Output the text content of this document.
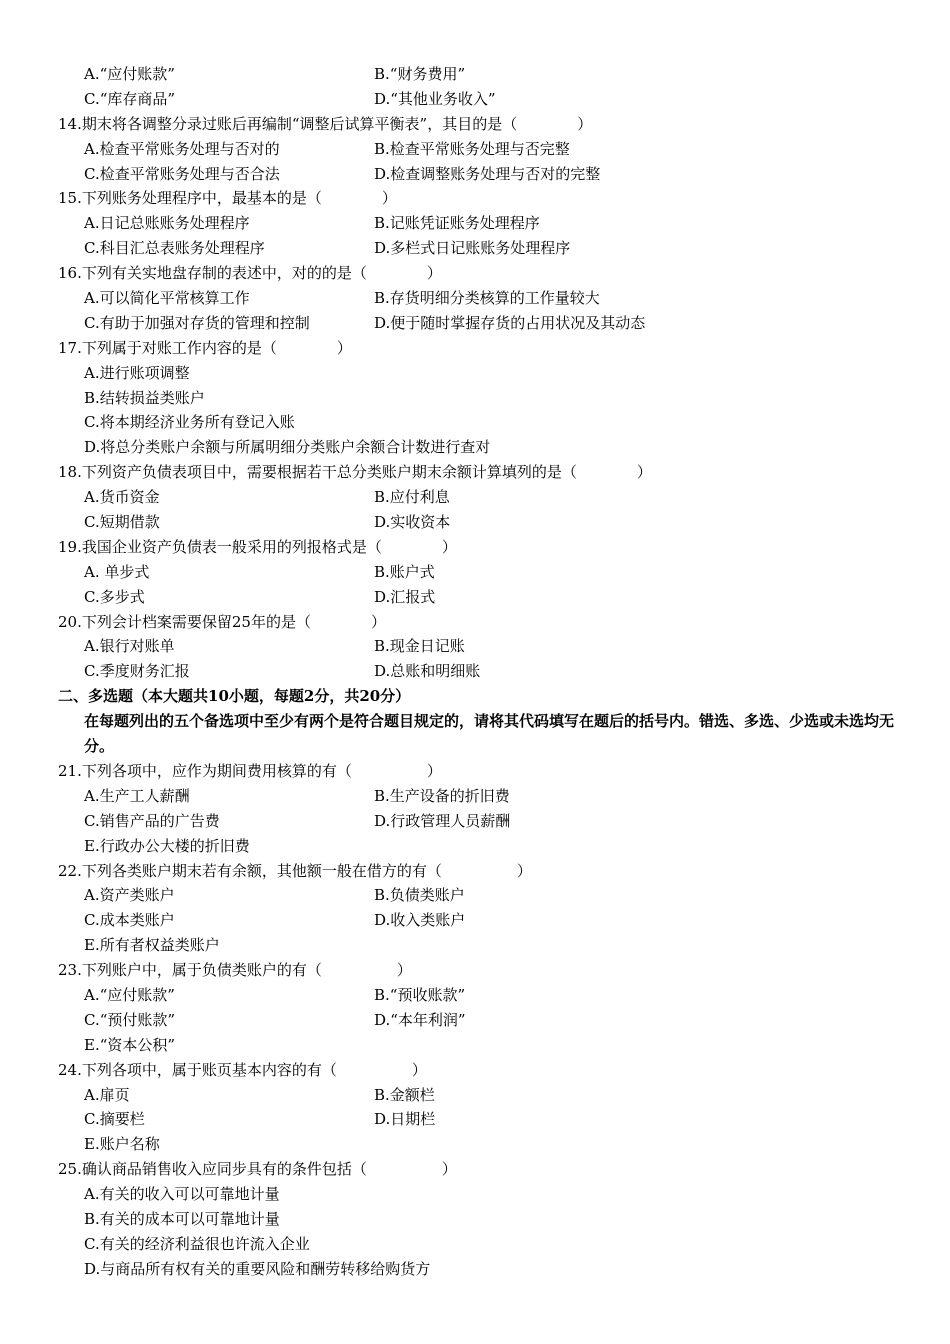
A.“应付账款”	B.“财务费用”
C.“库存商品”	D.“其他业务收入”
14.期末将各调整分录过账后再编制“调整后试算平衡表”，其目的是（　　　　）
A.检查平常账务处理与否对的	B.检查平常账务处理与否完整
C.检查平常账务处理与否合法	D.检查调整账务处理与否对的完整
15.下列账务处理程序中，最基本的是（　　　　）
A.日记总账账务处理程序	B.记账凭证账务处理程序
C.科目汇总表账务处理程序	D.多栏式日记账账务处理程序
16.下列有关实地盘存制的表述中，对的的是（　　　　）
A.可以简化平常核算工作	B.存货明细分类核算的工作量较大
C.有助于加强对存货的管理和控制	D.便于随时掌握存货的占用状况及其动态
17.下列属于对账工作内容的是（　　　　）
A.进行账项调整
B.结转损益类账户
C.将本期经济业务所有登记入账
D.将总分类账户余额与所属明细分类账户余额合计数进行查对
18.下列资产负债表项目中，需要根据若干总分类账户期末余额计算填列的是（　　　　）
A.货币资金	B.应付利息
C.短期借款	D.实收资本
19.我国企业资产负债表一般采用的列报格式是（　　　　）
A. 单步式	B.账户式
C.多步式	D.汇报式
20.下列会计档案需要保留25年的是（　　　　）
A.银行对账单	B.现金日记账
C.季度财务汇报	D.总账和明细账
二、多选题（本大题共10小题，每题2分，共20分）
在每题列出的五个备选项中至少有两个是符合题目规定的，请将其代码填写在题后的括号内。错选、多选、少选或未选均无分。
21.下列各项中，应作为期间费用核算的有（　　　　　）
A.生产工人薪酬	B.生产设备的折旧费
C.销售产品的广告费	D.行政管理人员薪酬
E.行政办公大楼的折旧费
22.下列各类账户期末若有余额，其他额一般在借方的有（　　　　　）
A.资产类账户	B.负债类账户
C.成本类账户	D.收入类账户
E.所有者权益类账户
23.下列账户中，属于负债类账户的有（　　　　　）
A.“应付账款”	B.“预收账款”
C.“预付账款”	D.“本年利润”
E.“资本公积”
24.下列各项中，属于账页基本内容的有（　　　　　）
A.扉页	B.金额栏
C.摘要栏	D.日期栏
E.账户名称
25.确认商品销售收入应同步具有的条件包括（　　　　　）
A.有关的收入可以可靠地计量
B.有关的成本可以可靠地计量
C.有关的经济利益很也许流入企业
D.与商品所有权有关的重要风险和酬劳转移给购货方
